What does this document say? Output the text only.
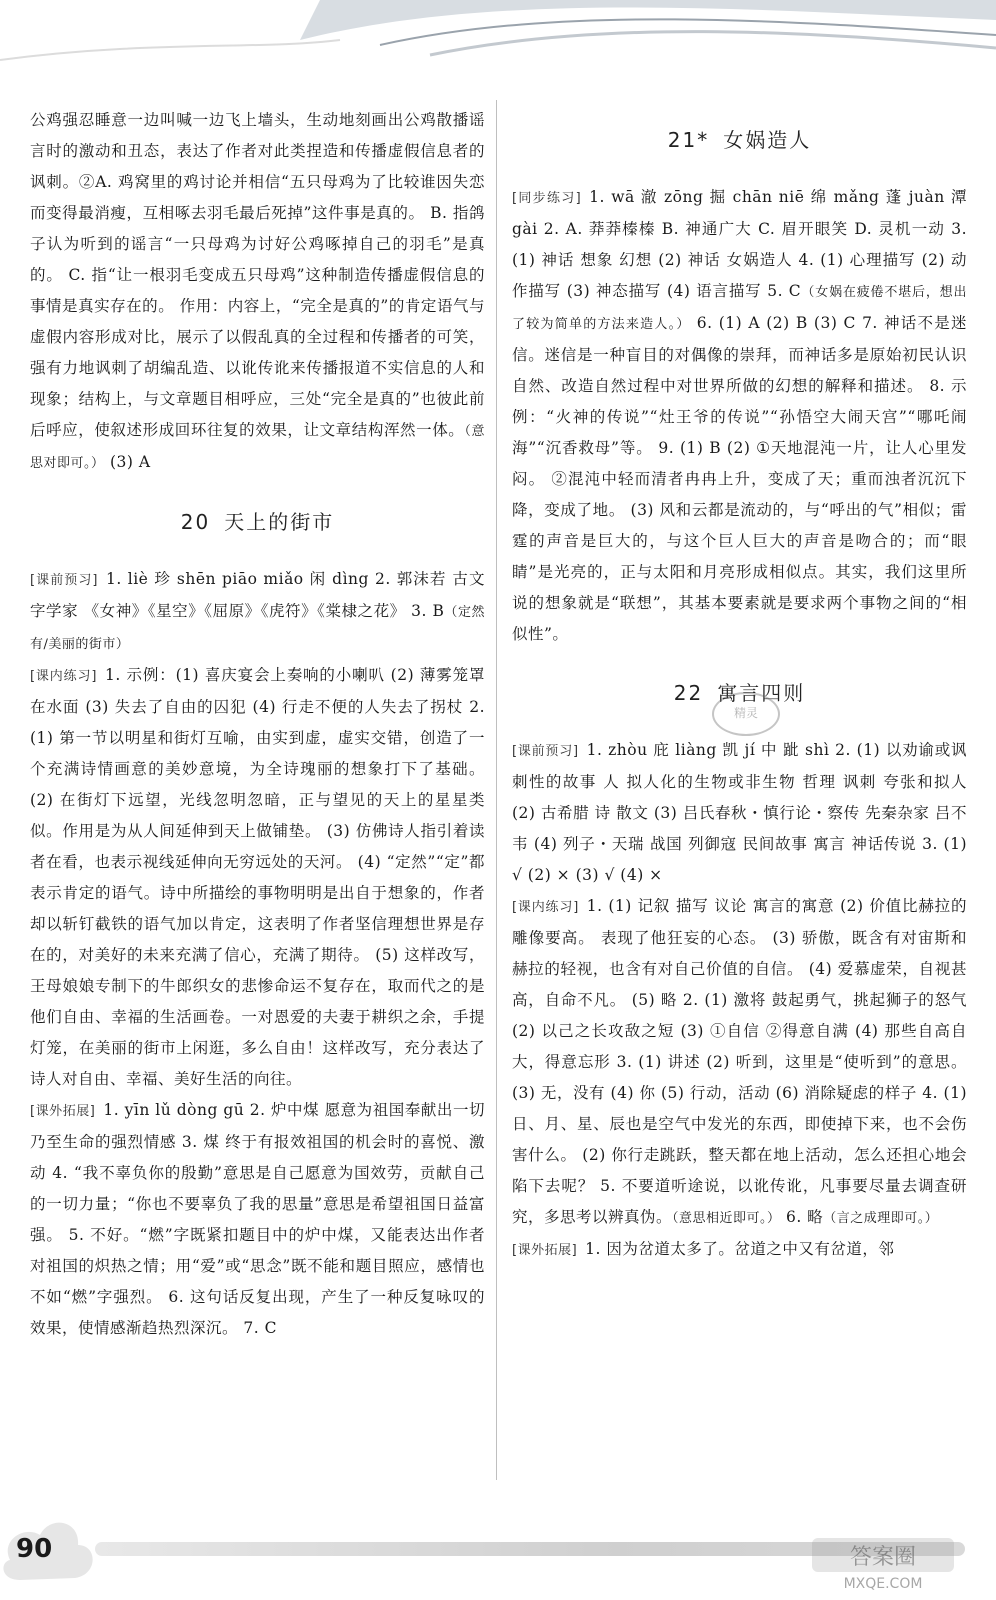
公鸡强忍睡意一边叫喊一边飞上墙头，生动地刻画出公鸡散播谣言时的激动和丑态，表达了作者对此类捏造和传播虚假信息者的讽刺。②A. 鸡窝里的鸡讨论并相信“五只母鸡为了比较谁因失恋而变得最消瘦，互相啄去羽毛最后死掉”这件事是真的。 B. 指鸽子认为听到的谣言“一只母鸡为讨好公鸡啄掉自己的羽毛”是真的。 C. 指“让一根羽毛变成五只母鸡”这种制造传播虚假信息的事情是真实存在的。 作用：内容上，“完全是真的”的肯定语气与虚假内容形成对比，展示了以假乱真的全过程和传播者的可笑，强有力地讽刺了胡编乱造、以讹传讹来传播报道不实信息的人和现象；结构上，与文章题目相呼应，三处“完全是真的”也彼此前后呼应，使叙述形成回环往复的效果，让文章结构浑然一体。（意思对即可。） (3) A

20 天上的街市

[课前预习] 1. liè 珍 shēn piāo miǎo 闲 dìng 2. 郭沫若 古文字学家 《女神》《星空》《屈原》《虎符》《棠棣之花》 3. B（定然有/美丽的街市）

[课内练习] 1. 示例：(1) 喜庆宴会上奏响的小喇叭 (2) 薄雾笼罩在水面 (3) 失去了自由的囚犯 (4) 行走不便的人失去了拐杖 2. (1) 第一节以明星和街灯互喻，由实到虚，虚实交错，创造了一个充满诗情画意的美妙意境，为全诗瑰丽的想象打下了基础。 (2) 在街灯下远望，光线忽明忽暗，正与望见的天上的星星类似。作用是为从人间延伸到天上做铺垫。 (3) 仿佛诗人指引着读者在看，也表示视线延伸向无穷远处的天河。 (4) “定然”“定”都表示肯定的语气。诗中所描绘的事物明明是出自于想象的，作者却以斩钉截铁的语气加以肯定，这表明了作者坚信理想世界是存在的，对美好的未来充满了信心，充满了期待。 (5) 这样改写，王母娘娘专制下的牛郎织女的悲惨命运不复存在，取而代之的是他们自由、幸福的生活画卷。一对恩爱的夫妻于耕织之余，手提灯笼，在美丽的街市上闲逛，多么自由！这样改写，充分表达了诗人对自由、幸福、美好生活的向往。

[课外拓展] 1. yīn lǔ dòng gū 2. 炉中煤 愿意为祖国奉献出一切乃至生命的强烈情感 3. 煤 终于有报效祖国的机会时的喜悦、激动 4. “我不辜负你的殷勤”意思是自己愿意为国效劳，贡献自己的一切力量；“你也不要辜负了我的思量”意思是希望祖国日益富强。 5. 不好。“燃”字既紧扣题目中的炉中煤，又能表达出作者对祖国的炽热之情；用“爱”或“思念”既不能和题目照应，感情也不如“燃”字强烈。 6. 这句话反复出现，产生了一种反复咏叹的效果，使情感渐趋热烈深沉。 7. C

21* 女娲造人

[同步练习] 1. wā 澈 zōng 掘 chān niē 绵 mǎng 蓬 juàn 潭 gài 2. A. 莽莽榛榛 B. 神通广大 C. 眉开眼笑 D. 灵机一动 3. (1) 神话 想象 幻想 (2) 神话 女娲造人 4. (1) 心理描写 (2) 动作描写 (3) 神态描写 (4) 语言描写 5. C（女娲在疲倦不堪后，想出了较为简单的方法来造人。） 6. (1) A (2) B (3) C 7. 神话不是迷信。迷信是一种盲目的对偶像的崇拜，而神话多是原始初民认识自然、改造自然过程中对世界所做的幻想的解释和描述。 8. 示例：“火神的传说”“灶王爷的传说”“孙悟空大闹天宫”“哪吒闹海”“沉香救母”等。 9. (1) B (2) ①天地混沌一片，让人心里发闷。 ②混沌中轻而清者冉冉上升，变成了天；重而浊者沉沉下降，变成了地。 (3) 风和云都是流动的，与“呼出的气”相似；雷霆的声音是巨大的，与这个巨人巨大的声音是吻合的；而“眼睛”是光亮的，正与太阳和月亮形成相似点。其实，我们这里所说的想象就是“联想”，其基本要素就是要求两个事物之间的“相似性”。

22 寓言四则

[课前预习] 1. zhòu 庇 liàng 凯 jí 中 跐 shì 2. (1) 以劝谕或讽刺性的故事 人 拟人化的生物或非生物 哲理 讽刺 夸张和拟人 (2) 古希腊 诗 散文 (3) 吕氏春秋・慎行论・察传 先秦杂家 吕不韦 (4) 列子・天瑞 战国 列御寇 民间故事 寓言 神话传说 3. (1) √ (2) × (3) √ (4) ×

[课内练习] 1. (1) 记叙 描写 议论 寓言的寓意 (2) 价值比赫拉的雕像要高。 表现了他狂妄的心态。 (3) 骄傲，既含有对宙斯和赫拉的轻视，也含有对自己价值的自信。 (4) 爱慕虚荣，自视甚高，自命不凡。 (5) 略 2. (1) 激将 鼓起勇气，挑起狮子的怒气 (2) 以己之长攻敌之短 (3) ①自信 ②得意自满 (4) 那些自高自大，得意忘形 3. (1) 讲述 (2) 听到，这里是“使听到”的意思。 (3) 无，没有 (4) 你 (5) 行动，活动 (6) 消除疑虑的样子 4. (1) 日、月、星、辰也是空气中发光的东西，即使掉下来，也不会伤害什么。 (2) 你行走跳跃，整天都在地上活动，怎么还担心地会陷下去呢？ 5. 不要道听途说，以讹传讹，凡事要尽量去调查研究，多思考以辨真伪。（意思相近即可。） 6. 略（言之成理即可。）

[课外拓展] 1. 因为岔道太多了。岔道之中又有岔道，邻

精灵
90	答案圈
MXQE.COM
